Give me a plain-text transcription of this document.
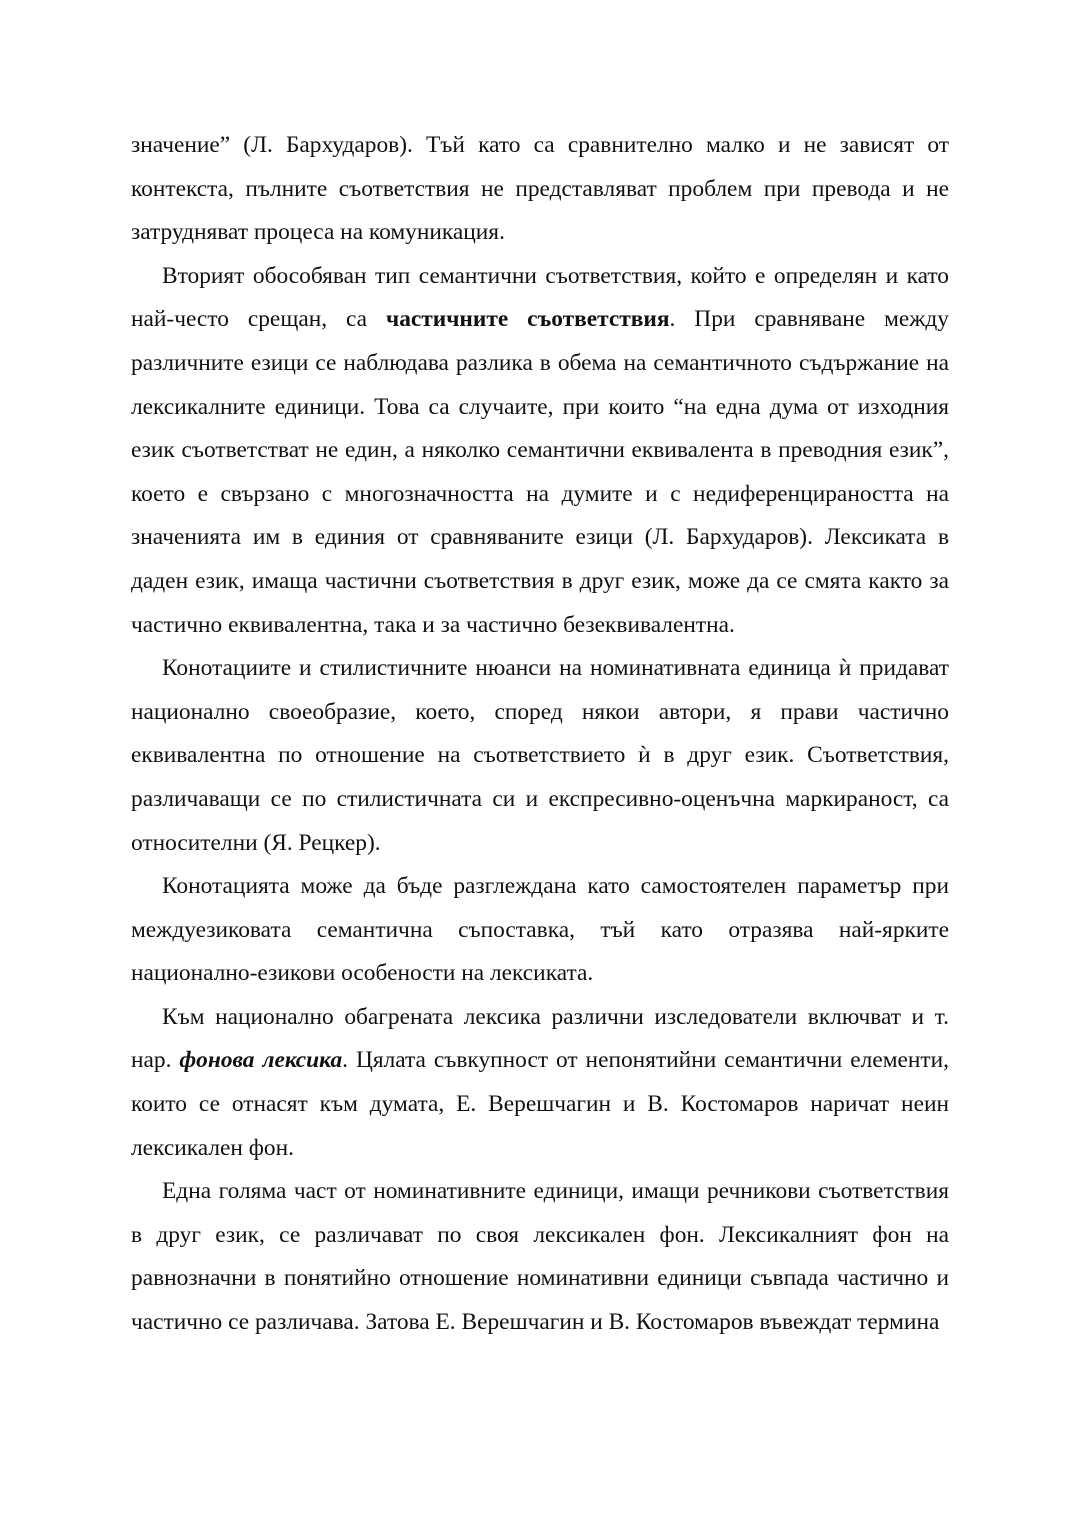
значение” (Л. Бархударов). Тъй като са сравнително малко и не зависят от контекста, пълните съответствия не представляват проблем при превода и не затрудняват процеса на комуникация.

Вторият обособяван тип семантични съответствия, който е определян и като най-често срещан, са частичните съответствия. При сравняване между различните езици се наблюдава разлика в обема на семантичното съдържание на лексикалните единици. Това са случаите, при които “на една дума от изходния език съответстват не един, а няколко семантични еквивалента в преводния език”, което е свързано с многозначността на думите и с недиференцираността на значенията им в единия от сравняваните езици (Л. Бархударов). Лексиката в даден език, имаща частични съответствия в друг език, може да се смята както за частично еквивалентна, така и за частично безеквивалентна.

Конотациите и стилистичните нюанси на номинативната единица ѝ придават национално своеобразие, което, според някои автори, я прави частично еквивалентна по отношение на съответствието ѝ в друг език. Съответствия, различаващи се по стилистичната си и експресивно-оценъчна маркираност, са относителни (Я. Рецкер).

Конотацията може да бъде разглеждана като самостоятелен параметър при междуезиковата семантична съпоставка, тъй като отразява най-ярките национално-езикови особености на лексиката.

Към национално обагрената лексика различни изследователи включват и т. нар. фонова лексика. Цялата съвкупност от непонятийни семантични елементи, които се отнасят към думата, Е. Верешчагин и В. Костомаров наричат неин лексикален фон.

Една голяма част от номинативните единици, имащи речникови съответствия в друг език, се различават по своя лексикален фон. Лексикалният фон на равнозначни в понятийно отношение номинативни единици съвпада частично и частично се различава. Затова Е. Верешчагин и В. Костомаров въвеждат термина
